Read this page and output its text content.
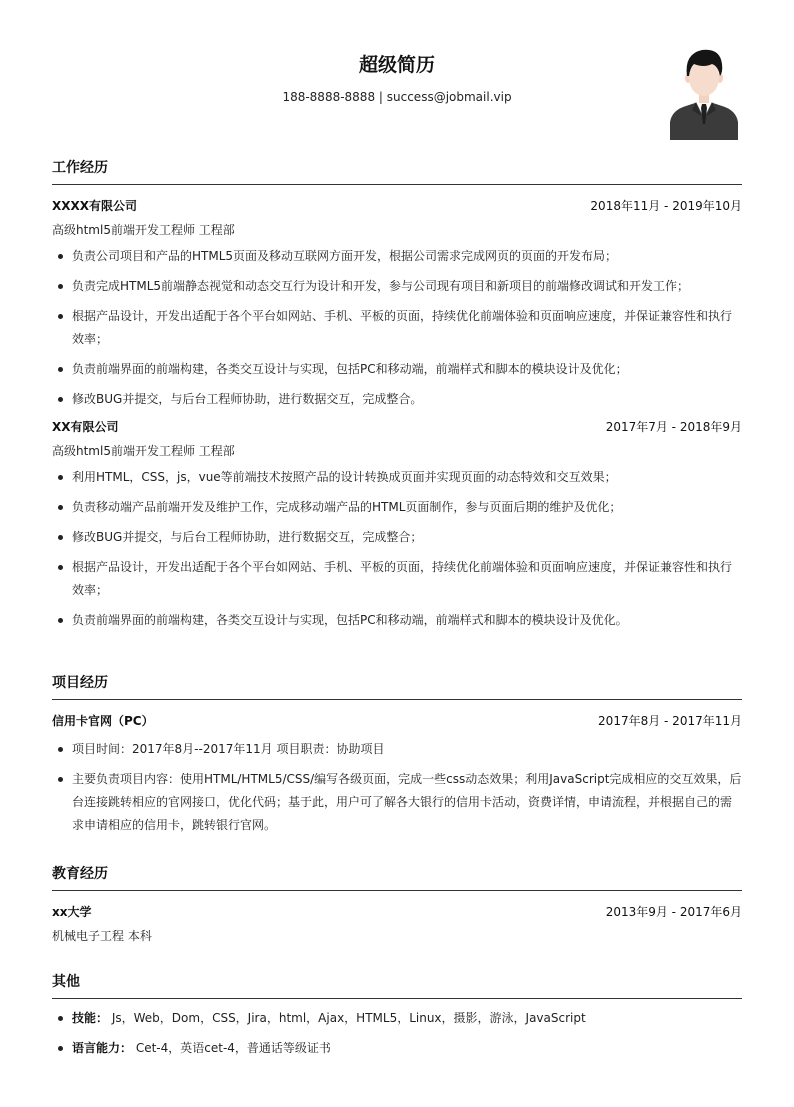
超级简历
188-8888-8888 | success@jobmail.vip
工作经历
XXXX有限公司	2018年11月 - 2019年10月
高级html5前端开发工程师 工程部
负责公司项目和产品的HTML5页面及移动互联网方面开发，根据公司需求完成网页的页面的开发布局；
负责完成HTML5前端静态视觉和动态交互行为设计和开发，参与公司现有项目和新项目的前端修改调试和开发工作；
根据产品设计，开发出适配于各个平台如网站、手机、平板的页面，持续优化前端体验和页面响应速度，并保证兼容性和执行效率；
负责前端界面的前端构建，各类交互设计与实现，包括PC和移动端，前端样式和脚本的模块设计及优化；
修改BUG并提交，与后台工程师协助，进行数据交互，完成整合。
XX有限公司	2017年7月 - 2018年9月
高级html5前端开发工程师 工程部
利用HTML，CSS，js，vue等前端技术按照产品的设计转换成页面并实现页面的动态特效和交互效果；
负责移动端产品前端开发及维护工作，完成移动端产品的HTML页面制作，参与页面后期的维护及优化；
修改BUG并提交，与后台工程师协助，进行数据交互，完成整合；
根据产品设计，开发出适配于各个平台如网站、手机、平板的页面，持续优化前端体验和页面响应速度，并保证兼容性和执行效率；
负责前端界面的前端构建，各类交互设计与实现，包括PC和移动端，前端样式和脚本的模块设计及优化。
项目经历
信用卡官网（PC）	2017年8月 - 2017年11月
项目时间：2017年8月--2017年11月 项目职责：协助项目
主要负责项目内容：使用HTML/HTML5/CSS/编写各级页面，完成一些css动态效果；利用JavaScript完成相应的交互效果，后台连接跳转相应的官网接口，优化代码；基于此，用户可了解各大银行的信用卡活动，资费详情，申请流程，并根据自己的需求申请相应的信用卡，跳转银行官网。
教育经历
xx大学	2013年9月 - 2017年6月
机械电子工程 本科
其他
技能： Js，Web，Dom，CSS，Jira，html，Ajax，HTML5，Linux，摄影，游泳，JavaScript
语言能力： Cet-4，英语cet-4，普通话等级证书
